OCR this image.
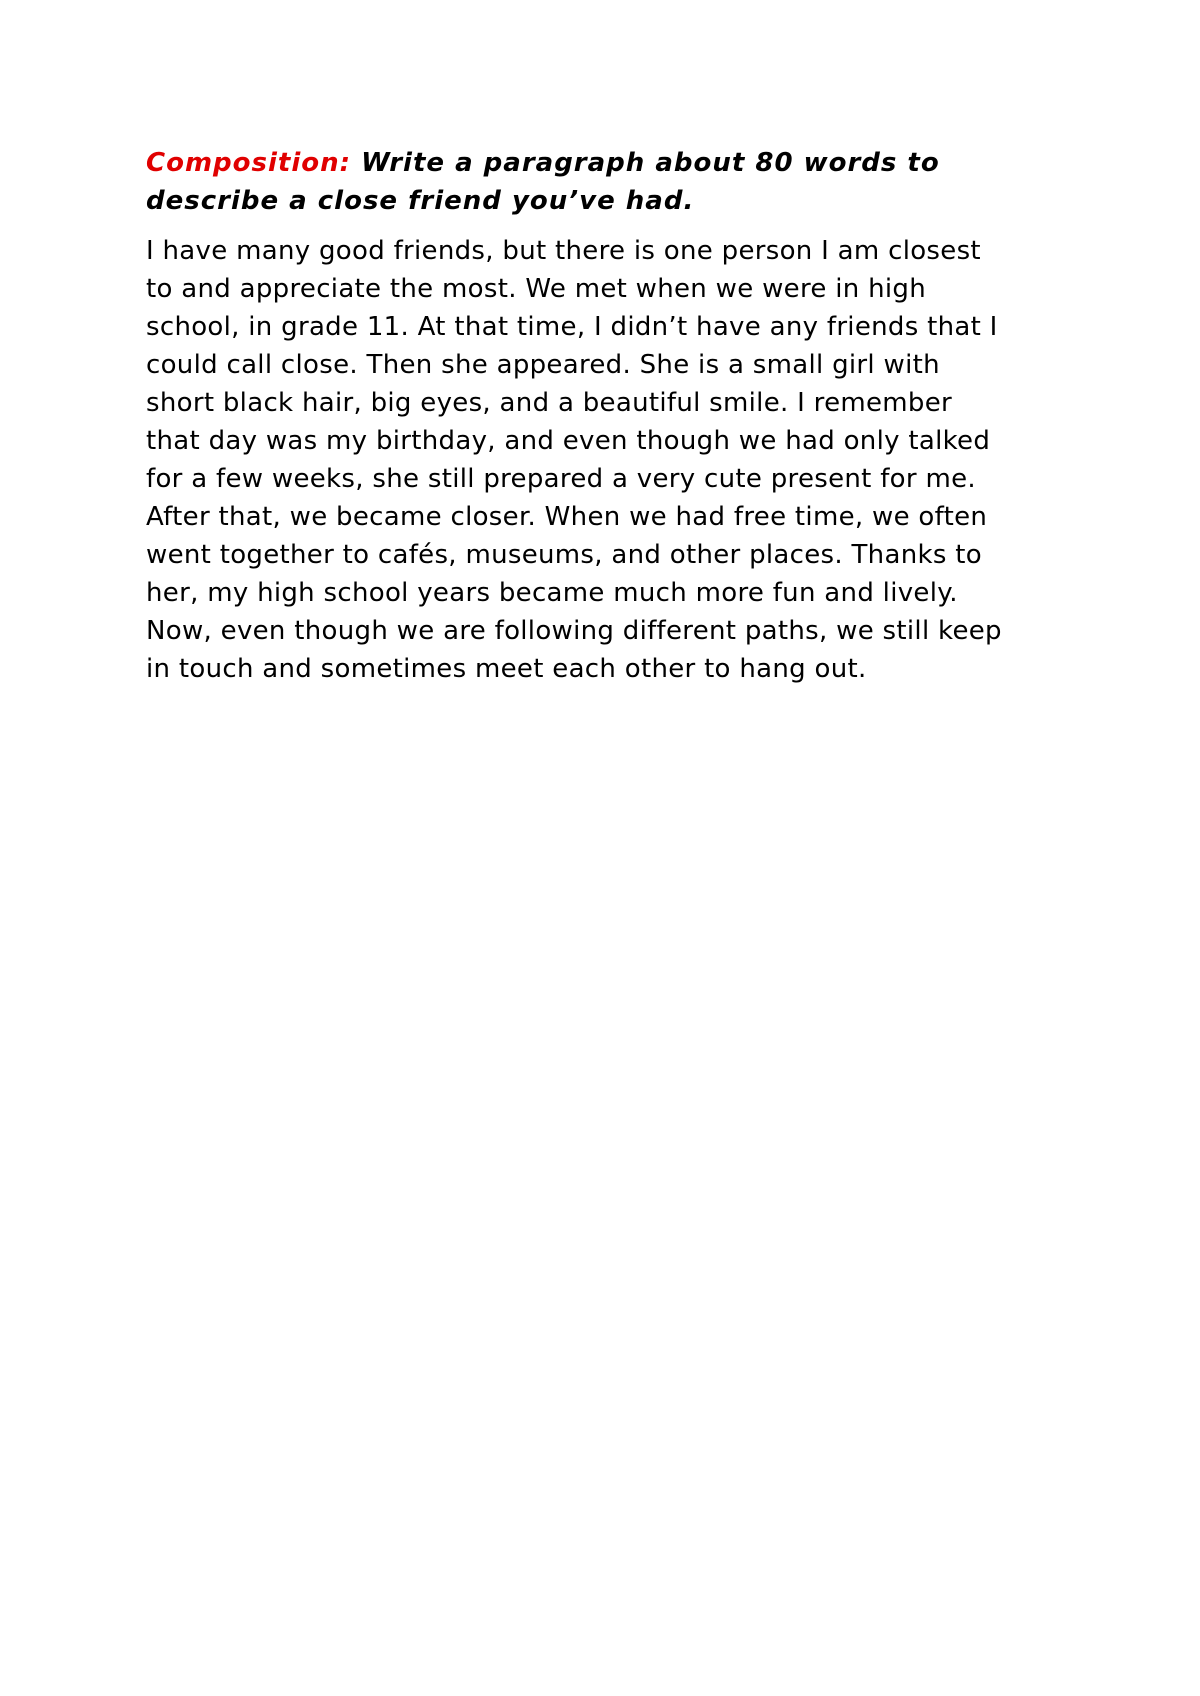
Composition: Write a paragraph about 80 words to describe a close friend you’ve had.

I have many good friends, but there is one person I am closest
to and appreciate the most. We met when we were in high
school, in grade 11. At that time, I didn’t have any friends that I
could call close. Then she appeared. She is a small girl with
short black hair, big eyes, and a beautiful smile. I remember
that day was my birthday, and even though we had only talked
for a few weeks, she still prepared a very cute present for me.
After that, we became closer. When we had free time, we often
went together to cafés, museums, and other places. Thanks to
her, my high school years became much more fun and lively.
Now, even though we are following different paths, we still keep
in touch and sometimes meet each other to hang out.
